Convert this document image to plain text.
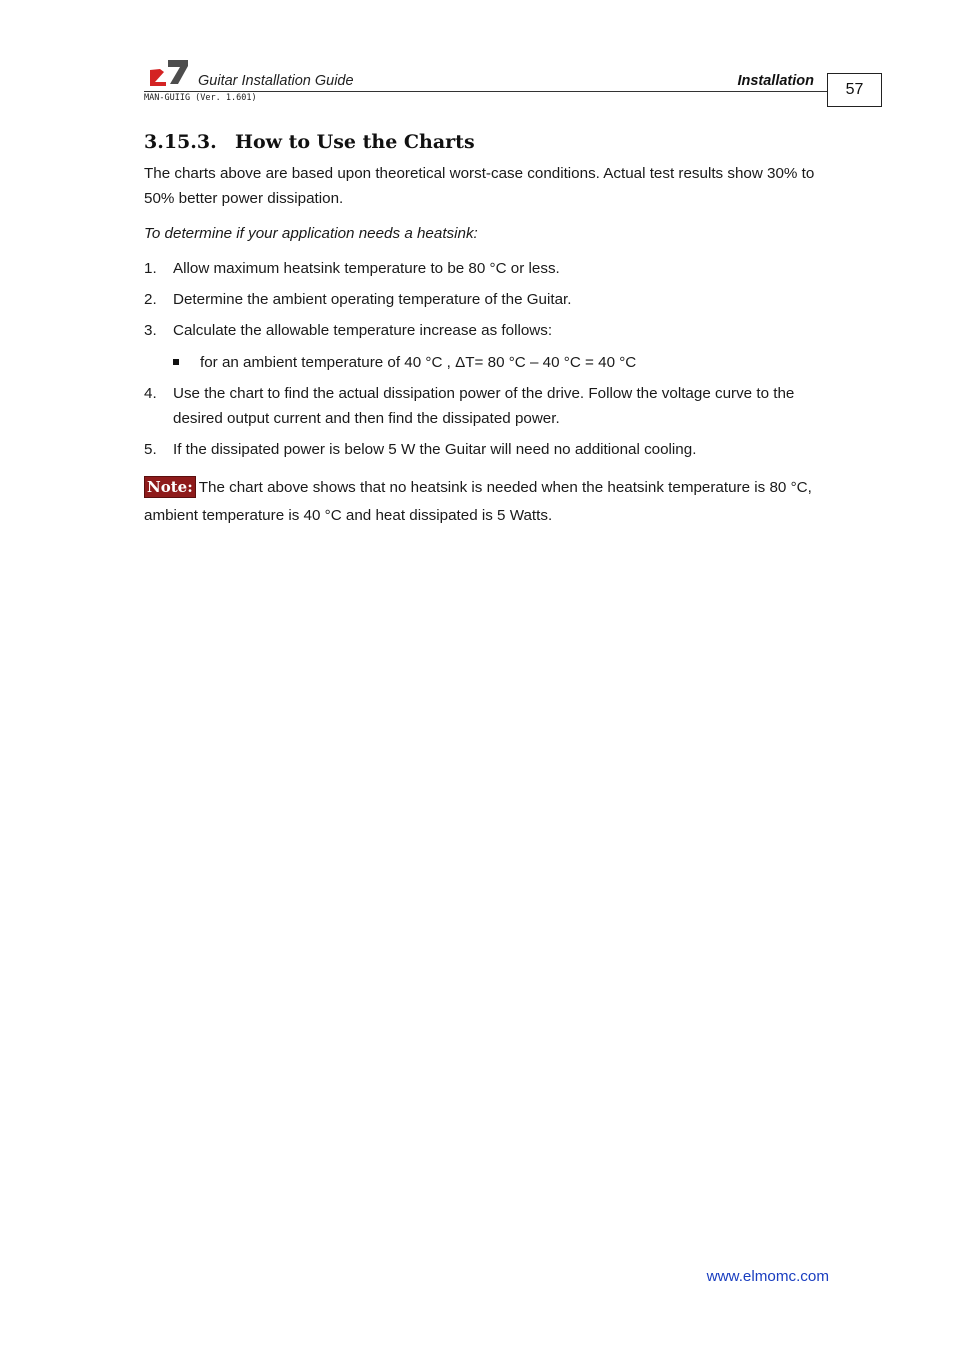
Guitar Installation Guide
MAN-GUIIG (Ver. 1.601)
Installation	57
3.15.3. How to Use the Charts

The charts above are based upon theoretical worst-case conditions. Actual test results show 30% to 50% better power dissipation.

To determine if your application needs a heatsink:

1. Allow maximum heatsink temperature to be 80 °C or less.
2. Determine the ambient operating temperature of the Guitar.
3. Calculate the allowable temperature increase as follows:
for an ambient temperature of 40 °C , ΔT= 80 °C – 40 °C = 40 °C
4. Use the chart to find the actual dissipation power of the drive. Follow the voltage curve to the desired output current and then find the dissipated power.
5. If the dissipated power is below 5 W the Guitar will need no additional cooling.

Note: The chart above shows that no heatsink is needed when the heatsink temperature is 80 °C, ambient temperature is 40 °C and heat dissipated is 5 Watts.

www.elmomc.com
